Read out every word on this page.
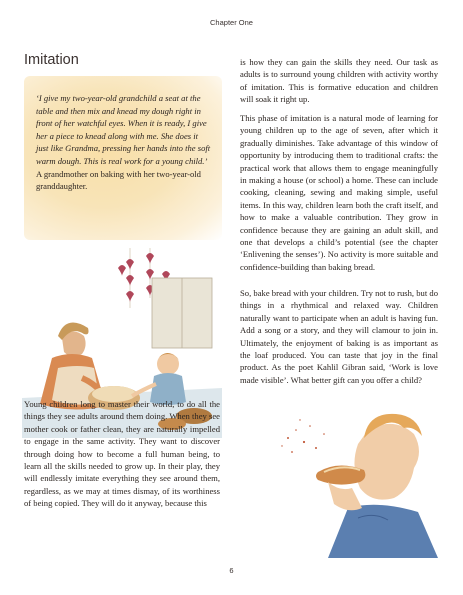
Chapter One
Imitation
‘I give my two-year-old grandchild a seat at the table and then mix and knead my dough right in front of her watchful eyes. When it is ready, I give her a piece to knead along with me. She does it just like Grandma, pressing her hands into the soft warm dough. This is real work for a young child.’ A grandmother on baking with her two-year-old granddaughter.
Young children long to master their world, to do all the things they see adults around them doing. When they see mother cook or father clean, they are naturally impelled to engage in the same activity. They want to discover through doing how to become a full human being, to learn all the skills needed to grow up. In their play, they will endlessly imitate everything they see around them, regardless, as we may at times dismay, of its worthiness of being copied. They will do it anyway, because this
is how they can gain the skills they need. Our task as adults is to surround young children with activity worthy of imitation. This is formative education and children will soak it right up.
This phase of imitation is a natural mode of learning for young children up to the age of seven, after which it gradually diminishes. Take advantage of this window of opportunity by introducing them to traditional crafts: the practical work that allows them to engage meaningfully in making a house (or school) a home. These can include cooking, cleaning, sewing and making simple, useful items. In this way, children learn both the craft itself, and how to make a valuable contribution. They grow in confidence because they are gaining an adult skill, and one that develops a child’s potential (see the chapter ‘Enlivening the senses’). No activity is more suitable and confidence-building than baking bread.
So, bake bread with your children. Try not to rush, but do things in a rhythmical and relaxed way. Children naturally want to participate when an adult is having fun. Add a song or a story, and they will clamour to join in. Ultimately, the enjoyment of baking is as important as the loaf produced. You can taste that joy in the final product. As the poet Kahlil Gibran said, ‘Work is love made visible’. What better gift can you offer a child?
6
